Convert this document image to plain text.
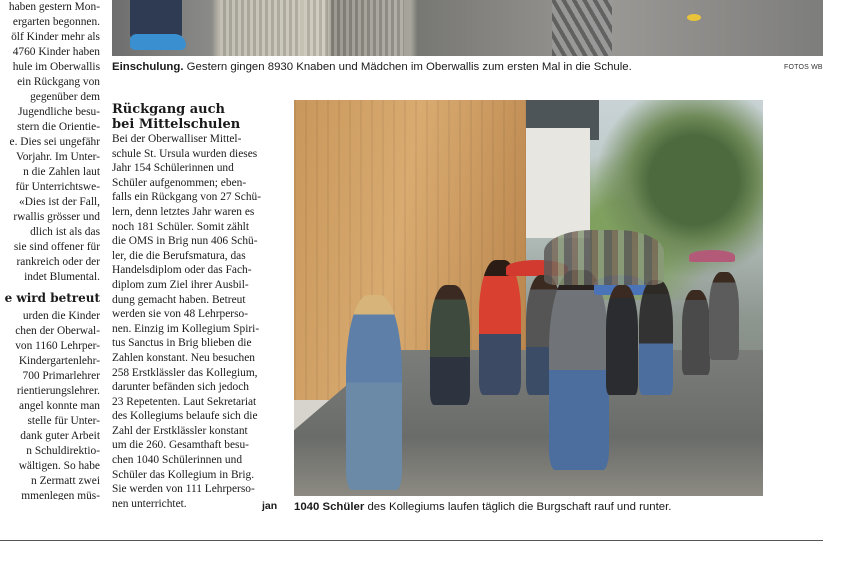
haben gestern Mon-
ergarten begonnen.
ölf Kinder mehr als
4760 Kinder haben
hule im Oberwallis
ein Rückgang von
gegenüber dem
Jugendliche besu-
stern die Orientie-
e. Dies sei ungefähr
Vorjahr. Im Unter-
n die Zahlen laut
für Unterrichtswe-
«Dies ist der Fall,
rwallis grösser und
dlich ist als das
sie sind offener für
rankreich oder der
indet Blumental.
e wird betreut
urden die Kinder
chen der Oberwal-
von 1160 Lehrper-
Kindergartenlehr-
700 Primarlehrer
rientierungslehrer.
angel konnte man
stelle für Unter-
dank guter Arbeit
n Schuldirektio-
wältigen. So habe
n Zermatt zwei
mmenlegen müs-
Einschulung. Gestern gingen 8930 Knaben und Mädchen im Oberwallis zum ersten Mal in die Schule.	FOTOS WB
Rückgang auch
bei Mittelschulen
Bei der Oberwalliser Mittel-
schule St. Ursula wurden dieses
Jahr 154 Schülerinnen und
Schüler aufgenommen; eben-
falls ein Rückgang von 27 Schü-
lern, denn letztes Jahr waren es
noch 181 Schüler. Somit zählt
die OMS in Brig nun 406 Schü-
ler, die die Berufsmatura, das
Handelsdiplom oder das Fach-
diplom zum Ziel ihrer Ausbil-
dung gemacht haben. Betreut
werden sie von 48 Lehrperso-
nen. Einzig im Kollegium Spiri-
tus Sanctus in Brig blieben die
Zahlen konstant. Neu besuchen
258 Erstklässler das Kollegium,
darunter befänden sich jedoch
23 Repetenten. Laut Sekretariat
des Kollegiums belaufe sich die
Zahl der Erstklässler konstant
um die 260. Gesamthaft besu-
chen 1040 Schülerinnen und
Schüler das Kollegium in Brig.
Sie werden von 111 Lehrperso-
nen unterrichtet.	jan 1040 Schüler des Kollegiums laufen täglich die Burgschaft rauf und runter.
